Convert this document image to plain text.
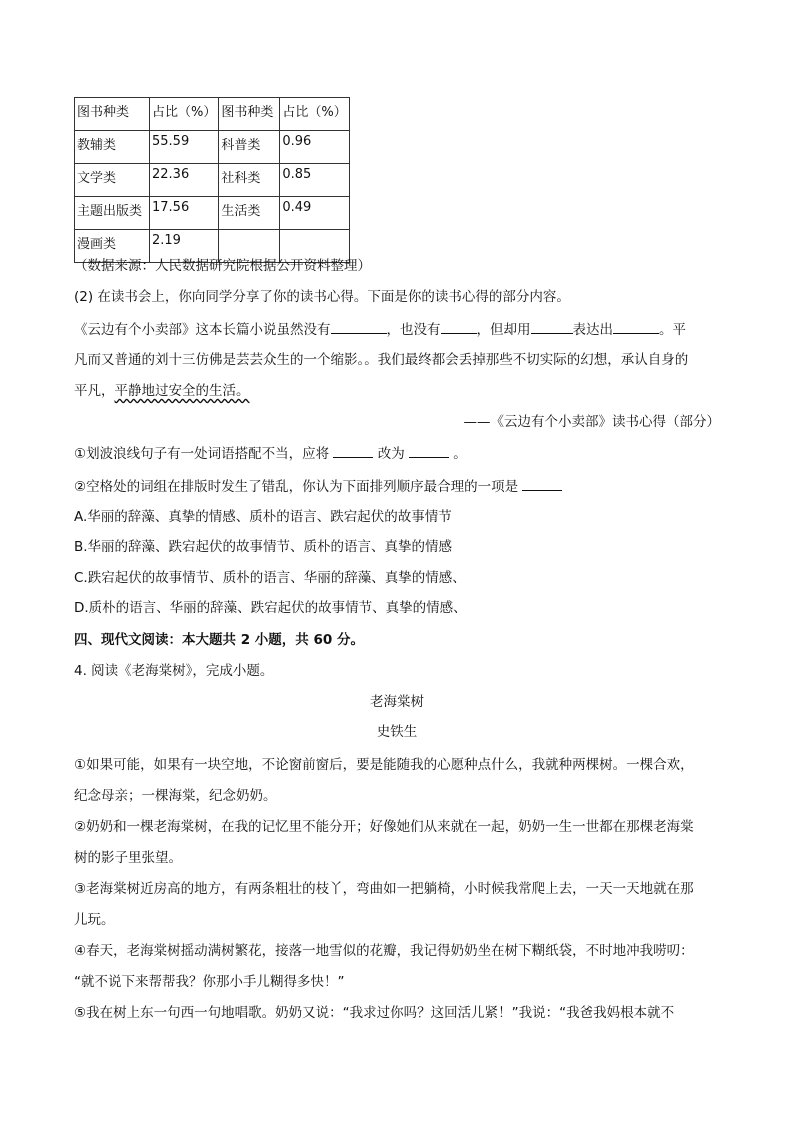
图书种类	占比（%）	图书种类	占比（%）
教辅类	55.59	科普类	0.96
文学类	22.36	社科类	0.85
主题出版类	17.56	生活类	0.49
漫画类	2.19		
（数据来源：人民数据研究院根据公开资料整理）
(2) 在读书会上，你向同学分享了你的读书心得。下面是你的读书心得的部分内容。
《云边有个小卖部》这本长篇小说虽然没有	，也没有	，但却用	表达出	。平
凡而又普通的刘十三仿佛是芸芸众生的一个缩影。。我们最终都会丢掉那些不切实际的幻想，承认自身的
平凡，平静地过安全的生活。
——《云边有个小卖部》读书心得（部分）
①划波浪线句子有一处词语搭配不当，应将	改为	。
②空格处的词组在排版时发生了错乱，你认为下面排列顺序最合理的一项是
A.华丽的辞藻、真挚的情感、质朴的语言、跌宕起伏的故事情节
B.华丽的辞藻、跌宕起伏的故事情节、质朴的语言、真挚的情感
C.跌宕起伏的故事情节、质朴的语言、华丽的辞藻、真挚的情感、
D.质朴的语言、华丽的辞藻、跌宕起伏的故事情节、真挚的情感、
四、现代文阅读：本大题共 2 小题，共 60 分。
4. 阅读《老海棠树》，完成小题。
老海棠树
史铁生
①如果可能，如果有一块空地，不论窗前窗后，要是能随我的心愿种点什么，我就种两棵树。一棵合欢，
纪念母亲；一棵海棠，纪念奶奶。
②奶奶和一棵老海棠树，在我的记忆里不能分开；好像她们从来就在一起，奶奶一生一世都在那棵老海棠
树的影子里张望。
③老海棠树近房高的地方，有两条粗壮的枝丫，弯曲如一把躺椅，小时候我常爬上去，一天一天地就在那
儿玩。
④春天，老海棠树摇动满树繁花，接落一地雪似的花瓣，我记得奶奶坐在树下糊纸袋，不时地冲我唠叨：
“就不说下来帮帮我？你那小手儿糊得多快！”
⑤我在树上东一句西一句地唱歌。奶奶又说：“我求过你吗？这回活儿紧！”我说：“我爸我妈根本就不
